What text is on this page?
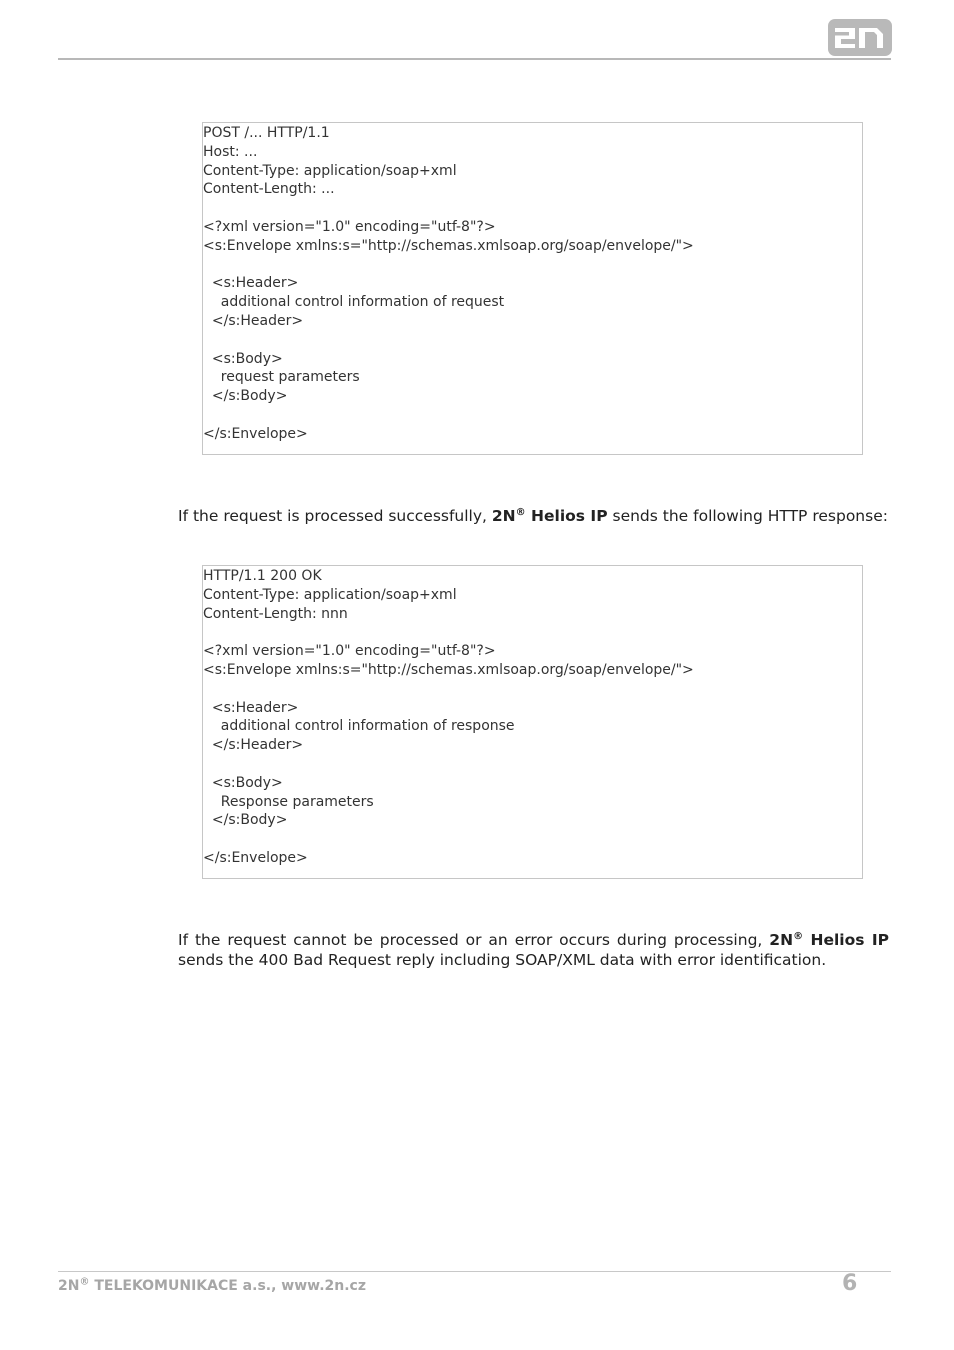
POST /... HTTP/1.1
Host: ...
Content-Type: application/soap+xml
Content-Length: ...
<?xml version="1.0" encoding="utf-8"?>
<s:Envelope xmlns:s="http://schemas.xmlsoap.org/soap/envelope/">
<s:Header>
additional control information of request
</s:Header>
<s:Body>
request parameters
</s:Body>
</s:Envelope>
If the request is processed successfully, 2N® Helios IP sends the following HTTP response:
HTTP/1.1 200 OK
Content-Type: application/soap+xml
Content-Length: nnn
<?xml version="1.0" encoding="utf-8"?>
<s:Envelope xmlns:s="http://schemas.xmlsoap.org/soap/envelope/">
<s:Header>
additional control information of response
</s:Header>
<s:Body>
Response parameters
</s:Body>
</s:Envelope>
If the request cannot be processed or an error occurs during processing, 2N® Helios IP sends the 400 Bad Request reply including SOAP/XML data with error identification.
2N® TELEKOMUNIKACE a.s., www.2n.cz	6
